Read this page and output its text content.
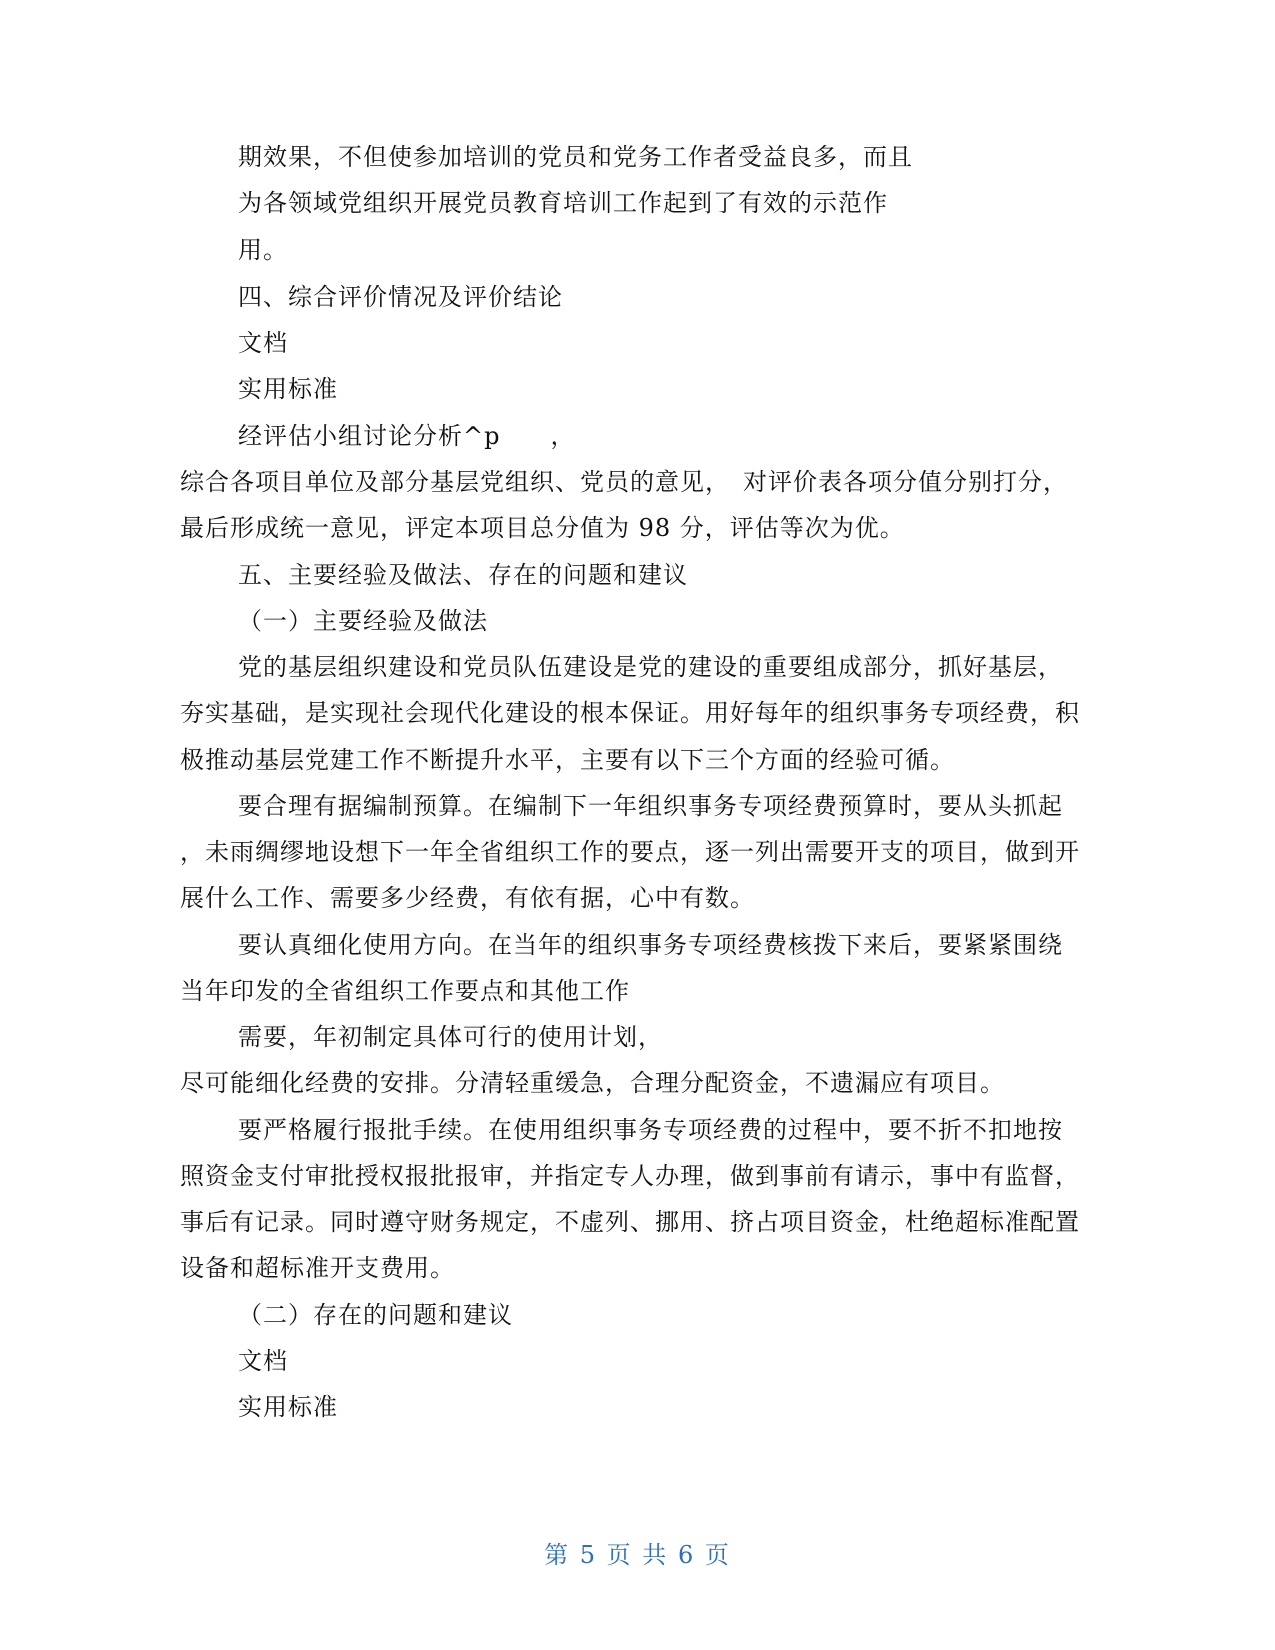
期效果，不但使参加培训的党员和党务工作者受益良多，而且
为各领域党组织开展党员教育培训工作起到了有效的示范作
用。
四、综合评价情况及评价结论
文档
实用标准
经评估小组讨论分析^p　　，
综合各项目单位及部分基层党组织、党员的意见，　对评价表各项分值分别打分，
最后形成统一意见，评定本项目总分值为 98 分，评估等次为优。
五、主要经验及做法、存在的问题和建议
（一）主要经验及做法
党的基层组织建设和党员队伍建设是党的建设的重要组成部分，抓好基层，
夯实基础，是实现社会现代化建设的根本保证。用好每年的组织事务专项经费，积
极推动基层党建工作不断提升水平，主要有以下三个方面的经验可循。
要合理有据编制预算。在编制下一年组织事务专项经费预算时，要从头抓起
，未雨绸缪地设想下一年全省组织工作的要点，逐一列出需要开支的项目，做到开
展什么工作、需要多少经费，有依有据，心中有数。
要认真细化使用方向。在当年的组织事务专项经费核拨下来后，要紧紧围绕
当年印发的全省组织工作要点和其他工作
需要，年初制定具体可行的使用计划，
尽可能细化经费的安排。分清轻重缓急，合理分配资金，不遗漏应有项目。
要严格履行报批手续。在使用组织事务专项经费的过程中，要不折不扣地按
照资金支付审批授权报批报审，并指定专人办理，做到事前有请示，事中有监督，
事后有记录。同时遵守财务规定，不虚列、挪用、挤占项目资金，杜绝超标准配置
设备和超标准开支费用。
（二）存在的问题和建议
文档
实用标准
第 5 页 共 6 页
